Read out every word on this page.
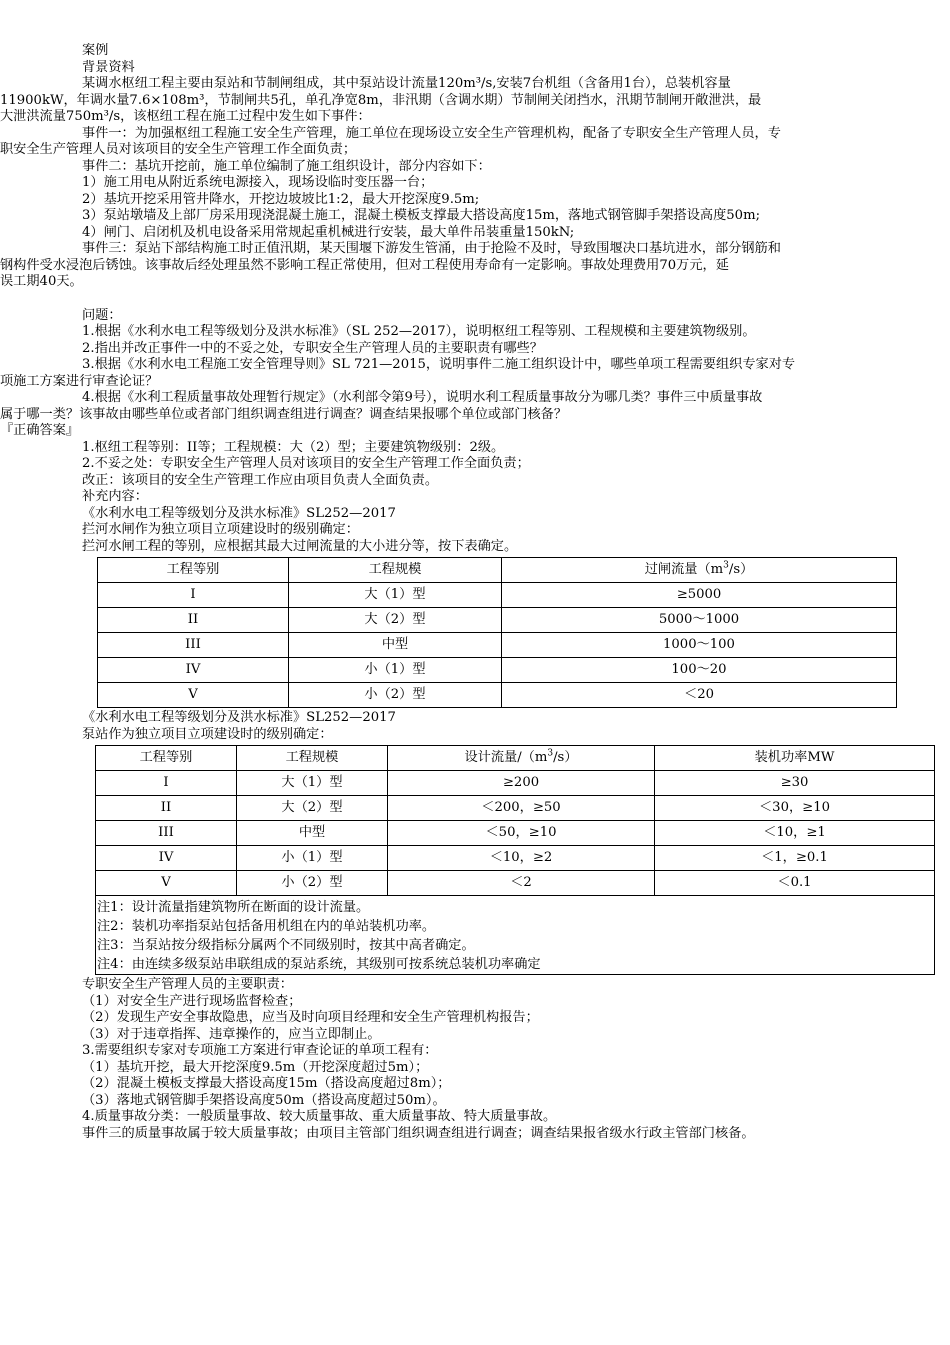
案例
背景资料
某调水枢纽工程主要由泵站和节制闸组成，其中泵站设计流量120m³/s,安装7台机组（含备用1台），总装机容量
11900kW，年调水量7.6×108m³，节制闸共5孔，单孔净宽8m，非汛期（含调水期）节制闸关闭挡水，汛期节制闸开敞泄洪，最
大泄洪流量750m³/s，该枢纽工程在施工过程中发生如下事件：
事件一：为加强枢纽工程施工安全生产管理，施工单位在现场设立安全生产管理机构，配备了专职安全生产管理人员，专
职安全生产管理人员对该项目的安全生产管理工作全面负责；
事件二：基坑开挖前，施工单位编制了施工组织设计，部分内容如下：
1）施工用电从附近系统电源接入，现场设临时变压器一台；
2）基坑开挖采用管井降水，开挖边坡坡比1:2，最大开挖深度9.5m;
3）泵站墩墙及上部厂房采用现浇混凝土施工，混凝土模板支撑最大搭设高度15m，落地式钢管脚手架搭设高度50m;
4）闸门、启闭机及机电设备采用常规起重机械进行安装，最大单件吊装重量150kN;
事件三：泵站下部结构施工时正值汛期，某天围堰下游发生管涌，由于抢险不及时，导致围堰决口基坑进水，部分钢筋和
钢构件受水浸泡后锈蚀。该事故后经处理虽然不影响工程正常使用，但对工程使用寿命有一定影响。事故处理费用70万元，延
误工期40天。
问题：
1.根据《水利水电工程等级划分及洪水标准》（SL 252—2017），说明枢纽工程等别、工程规模和主要建筑物级别。
2.指出并改正事件一中的不妥之处，专职安全生产管理人员的主要职责有哪些？
3.根据《水利水电工程施工安全管理导则》SL 721—2015，说明事件二施工组织设计中，哪些单项工程需要组织专家对专
项施工方案进行审查论证？
4.根据《水利工程质量事故处理暂行规定》（水利部令第9号），说明水利工程质量事故分为哪几类？事件三中质量事故
属于哪一类？该事故由哪些单位或者部门组织调查组进行调查？调查结果报哪个单位或部门核备？
『正确答案』
1.枢纽工程等别：II等；工程规模：大（2）型；主要建筑物级别：2级。
2.不妥之处：专职安全生产管理人员对该项目的安全生产管理工作全面负责；
改正：该项目的安全生产管理工作应由项目负责人全面负责。
补充内容：
《水利水电工程等级划分及洪水标准》SL252—2017
拦河水闸作为独立项目立项建设时的级别确定：
拦河水闸工程的等别，应根据其最大过闸流量的大小进分等，按下表确定。
工程等别	工程规模	过闸流量$(m^3/s)$
I	大（1）型	≥5000
II	大（2）型	5000～1000
III	中型	1000～100
IV	小（1）型	100～20
V	小（2）型	＜20
《水利水电工程等级划分及洪水标准》SL252—2017
泵站作为独立项目立项建设时的级别确定：
工程等别	工程规模	设计流量$/(m^3/s)$	装机功率MW
I	大（1）型	≥200	≥30
II	大（2）型	＜200，≥50	＜30，≥10
III	中型	＜50，≥10	＜10，≥1
IV	小（1）型	＜10，≥2	＜1，≥0.1
V	小（2）型	＜2	＜0.1

注1：设计流量指建筑物所在断面的设计流量。
注2：装机功率指泵站包括备用机组在内的单站装机功率。
注3：当泵站按分级指标分属两个不同级别时，按其中高者确定。
注4：由连续多级泵站串联组成的泵站系统，其级别可按系统总装机功率确定			
专职安全生产管理人员的主要职责：
（1）对安全生产进行现场监督检查；
（2）发现生产安全事故隐患，应当及时向项目经理和安全生产管理机构报告；
（3）对于违章指挥、违章操作的，应当立即制止。
3.需要组织专家对专项施工方案进行审查论证的单项工程有：
（1）基坑开挖，最大开挖深度9.5m（开挖深度超过5m）；
（2）混凝土模板支撑最大搭设高度15m（搭设高度超过8m）；
（3）落地式钢管脚手架搭设高度50m（搭设高度超过50m）。
4.质量事故分类：一般质量事故、较大质量事故、重大质量事故、特大质量事故。
事件三的质量事故属于较大质量事故；由项目主管部门组织调查组进行调查；调查结果报省级水行政主管部门核备。
